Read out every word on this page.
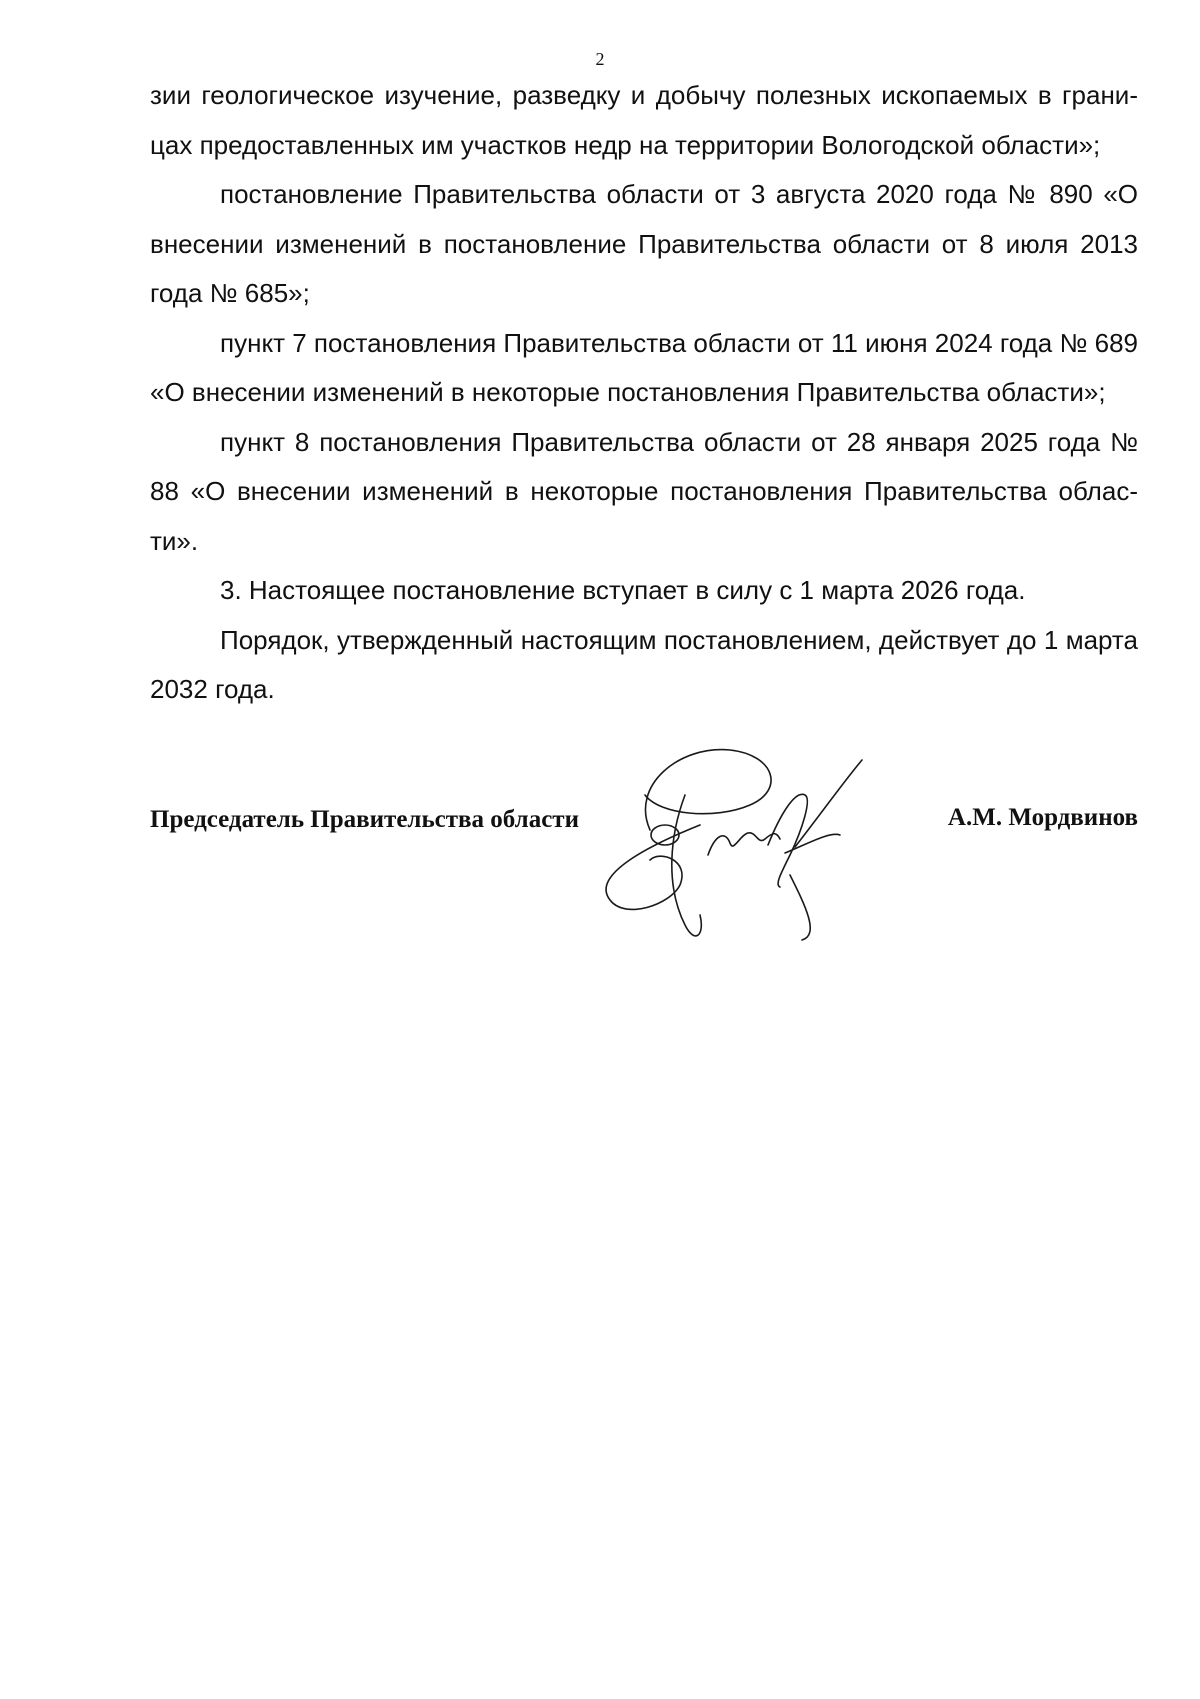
2

зии геологическое изучение, разведку и добычу полезных ископаемых в границах предоставленных им участков недр на территории Вологодской области»;

постановление Правительства области от 3 августа 2020 года № 890 «О внесении изменений в постановление Правительства области от 8 июля 2013 года № 685»;

пункт 7 постановления Правительства области от 11 июня 2024 года № 689 «О внесении изменений в некоторые постановления Правительства области»;

пункт 8 постановления Правительства области от 28 января 2025 года № 88 «О внесении изменений в некоторые постановления Правительства области».

3. Настоящее постановление вступает в силу с 1 марта 2026 года.

Порядок, утвержденный настоящим постановлением, действует до 1 марта 2032 года.

Председатель Правительства области	А.М. Мордвинов
